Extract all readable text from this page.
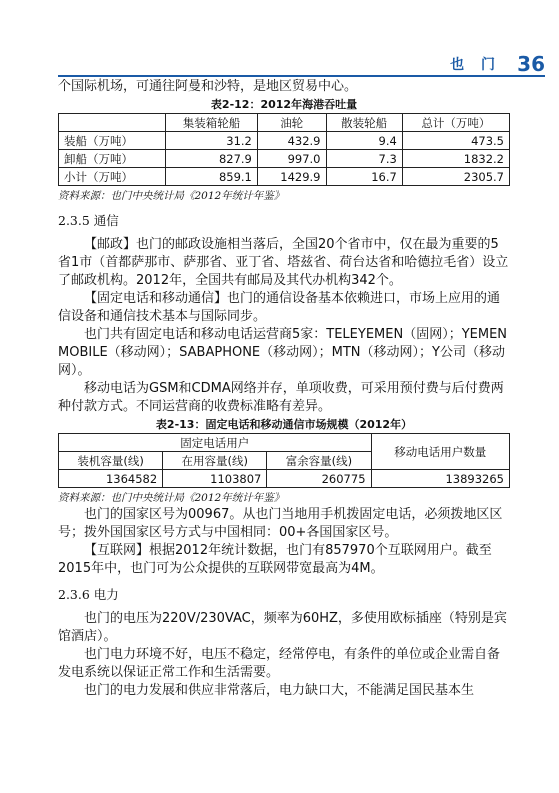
也 门 36

个国际机场，可通往阿曼和沙特，是地区贸易中心。

表2-12：2012年海港吞吐量
	集装箱轮船	油轮	散装轮船	总计（万吨）
装船（万吨）	31.2	432.9	9.4	473.5
卸船（万吨）	827.9	997.0	7.3	1832.2
小计（万吨）	859.1	1429.9	16.7	2305.7
资料来源：也门中央统计局《2012年统计年鉴》
2.3.5 通信

【邮政】也门的邮政设施相当落后，全国20个省市中，仅在最为重要的5省1市（首都萨那市、萨那省、亚丁省、塔兹省、荷台达省和哈德拉毛省）设立了邮政机构。2012年，全国共有邮局及其代办机构342个。

【固定电话和移动通信】也门的通信设备基本依赖进口，市场上应用的通信设备和通信技术基本与国际同步。

也门共有固定电话和移动电话运营商5家：TELEYEMEN（固网）；YEMEN MOBILE（移动网）；SABAPHONE（移动网）；MTN（移动网）；Y公司（移动网）。

移动电话为GSM和CDMA网络并存，单项收费，可采用预付费与后付费两种付款方式。不同运营商的收费标准略有差异。

表2-13：固定电话和移动通信市场规模（2012年）
固定电话用户			移动电话用户数量
装机容量(线)	在用容量(线)	富余容量(线)	
1364582	1103807	260775	13893265
资料来源：也门中央统计局《2012年统计年鉴》

也门的国家区号为00967。从也门当地用手机拨固定电话，必须拨地区区号；拨外国国家区号方式与中国相同：00+各国国家区号。

【互联网】根据2012年统计数据，也门有857970个互联网用户。截至2015年中，也门可为公众提供的互联网带宽最高为4M。

2.3.6 电力

也门的电压为220V/230VAC，频率为60HZ，多使用欧标插座（特别是宾馆酒店）。

也门电力环境不好，电压不稳定，经常停电，有条件的单位或企业需自备发电系统以保证正常工作和生活需要。

也门的电力发展和供应非常落后，电力缺口大，不能满足国民基本生
